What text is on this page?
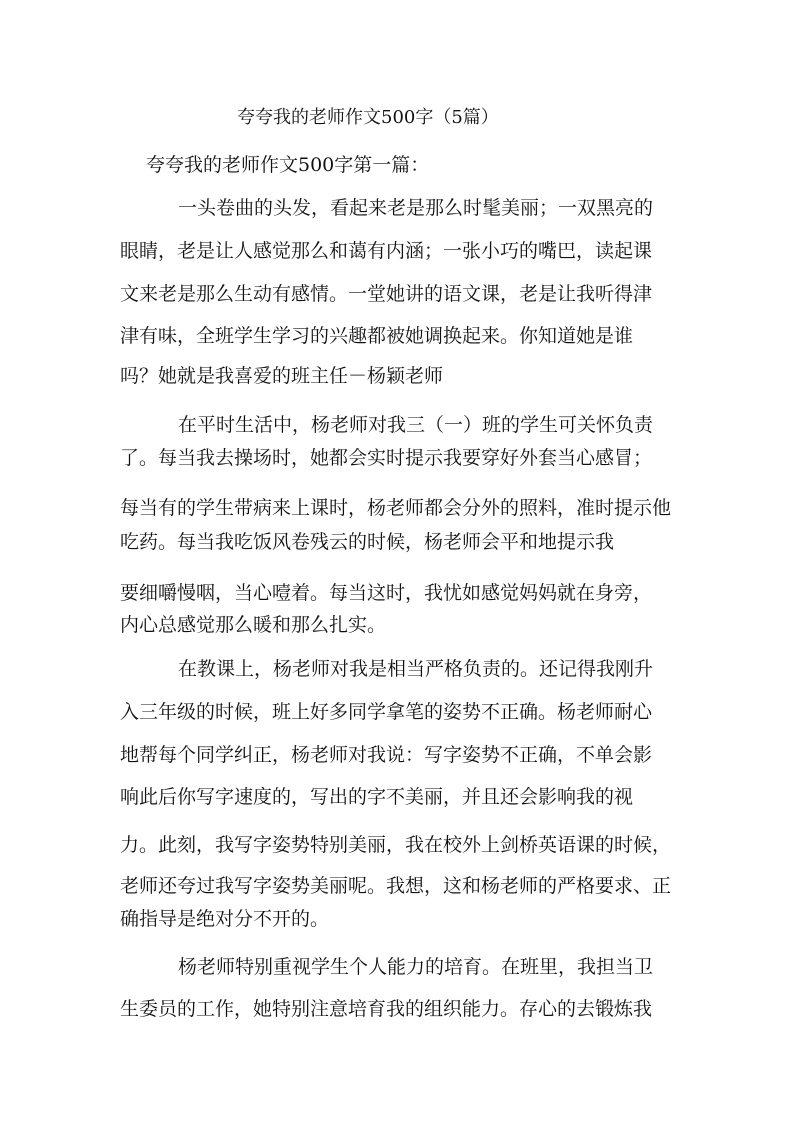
夸夸我的老师作文500字（5篇）
夸夸我的老师作文500字第一篇：
一头卷曲的头发，看起来老是那么时髦美丽；一双黑亮的
眼睛，老是让人感觉那么和蔼有内涵；一张小巧的嘴巴，读起课
文来老是那么生动有感情。一堂她讲的语文课，老是让我听得津
津有味，全班学生学习的兴趣都被她调换起来。你知道她是谁
吗？她就是我喜爱的班主任－杨颖老师
在平时生活中，杨老师对我三（一）班的学生可关怀负责
了。每当我去操场时，她都会实时提示我要穿好外套当心感冒；
每当有的学生带病来上课时，杨老师都会分外的照料，准时提示他
吃药。每当我吃饭风卷残云的时候，杨老师会平和地提示我
要细嚼慢咽，当心噎着。每当这时，我忧如感觉妈妈就在身旁，
内心总感觉那么暖和那么扎实。
在教课上，杨老师对我是相当严格负责的。还记得我刚升
入三年级的时候，班上好多同学拿笔的姿势不正确。杨老师耐心
地帮每个同学纠正，杨老师对我说：写字姿势不正确，不单会影
响此后你写字速度的，写出的字不美丽，并且还会影响我的视
力。此刻，我写字姿势特别美丽，我在校外上剑桥英语课的时候，
老师还夸过我写字姿势美丽呢。我想，这和杨老师的严格要求、正
确指导是绝对分不开的。
杨老师特别重视学生个人能力的培育。在班里，我担当卫
生委员的工作，她特别注意培育我的组织能力。存心的去锻炼我
